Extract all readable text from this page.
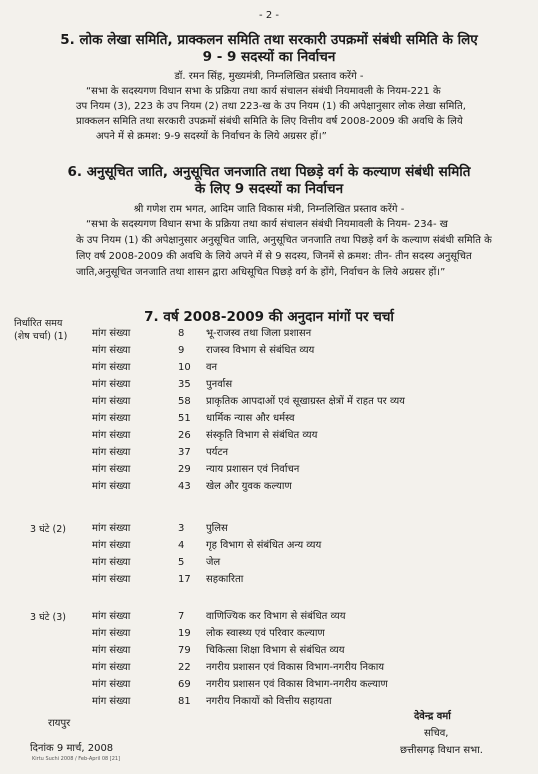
- 2 -
5. लोक लेखा समिति, प्राक्कलन समिति तथा सरकारी उपक्रमों संबंधी समिति के लिए
9 - 9 सदस्यों का निर्वाचन
डॉ. रमन सिंह, मुख्यमंत्री, निम्नलिखित प्रस्ताव करेंगे -
“सभा के सदस्यगण विधान सभा के प्रक्रिया तथा कार्य संचालन संबंधी नियमावली के नियम-221 के
उप नियम (3), 223 के उप नियम (2) तथा 223-ख के उप नियम (1) की अपेक्षानुसार लोक लेखा समिति,
प्राक्कलन समिति तथा सरकारी उपक्रमों संबंधी समिति के लिए वित्तीय वर्ष 2008-2009 की अवधि के लिये
अपने में से क्रमश: 9-9 सदस्यों के निर्वाचन के लिये अग्रसर हों।”
6. अनुसूचित जाति, अनुसूचित जनजाति तथा पिछड़े वर्ग के कल्याण संबंधी समिति
के लिए 9 सदस्यों का निर्वाचन
श्री गणेश राम भगत, आदिम जाति विकास मंत्री, निम्नलिखित प्रस्ताव करेंगे -
“सभा के सदस्यगण विधान सभा के प्रक्रिया तथा कार्य संचालन संबंधी नियमावली के नियम- 234- ख
के उप नियम (1) की अपेक्षानुसार अनुसूचित जाति, अनुसूचित जनजाति तथा पिछड़े वर्ग के कल्याण संबंधी समिति के
लिए वर्ष 2008-2009 की अवधि के लिये अपने में से 9 सदस्य, जिनमें से क्रमश: तीन- तीन सदस्य अनुसूचित
जाति,अनुसूचित जनजाति तथा शासन द्वारा अधिसूचित पिछड़े वर्ग के होंगे, निर्वाचन के लिये अग्रसर हों।”
7. वर्ष 2008-2009 की अनुदान मांगों पर चर्चा
निर्धारित समय
(शेष चर्चा) (1) मांग संख्या	8 भू-राजस्व तथा जिला प्रशासन
मांग संख्या	9 राजस्व विभाग से संबंधित व्यय
मांग संख्या	10 वन
मांग संख्या	35 पुनर्वास
मांग संख्या	58 प्राकृतिक आपदाओं एवं सूखाग्रस्त क्षेत्रों में राहत पर व्यय
मांग संख्या	51 धार्मिक न्यास और धर्मस्व
मांग संख्या	26 संस्कृति विभाग से संबंधित व्यय
मांग संख्या	37 पर्यटन
मांग संख्या	29 न्याय प्रशासन एवं निर्वाचन
मांग संख्या	43 खेल और युवक कल्याण
3 घंटे (2)	मांग संख्या	3 पुलिस
मांग संख्या	4 गृह विभाग से संबंधित अन्य व्यय
मांग संख्या	5 जेल
मांग संख्या	17 सहकारिता
3 घंटे (3)	मांग संख्या	7 वाणिज्यिक कर विभाग से संबंधित व्यय
मांग संख्या	19 लोक स्वास्थ्य एवं परिवार कल्याण
मांग संख्या	79 चिकित्सा शिक्षा विभाग से संबंधित व्यय
मांग संख्या	22 नगरीय प्रशासन एवं विकास विभाग-नगरीय निकाय
मांग संख्या	69 नगरीय प्रशासन एवं विकास विभाग-नगरीय कल्याण
मांग संख्या	81 नगरीय निकायों को वित्तीय सहायता
रायपुर
दिनांक 9 मार्च, 2008
Kirtu Suchi 2008 / Feb-April 08 [21]
देवेन्द्र वर्मा
सचिव,
छत्तीसगढ़ विधान सभा.
